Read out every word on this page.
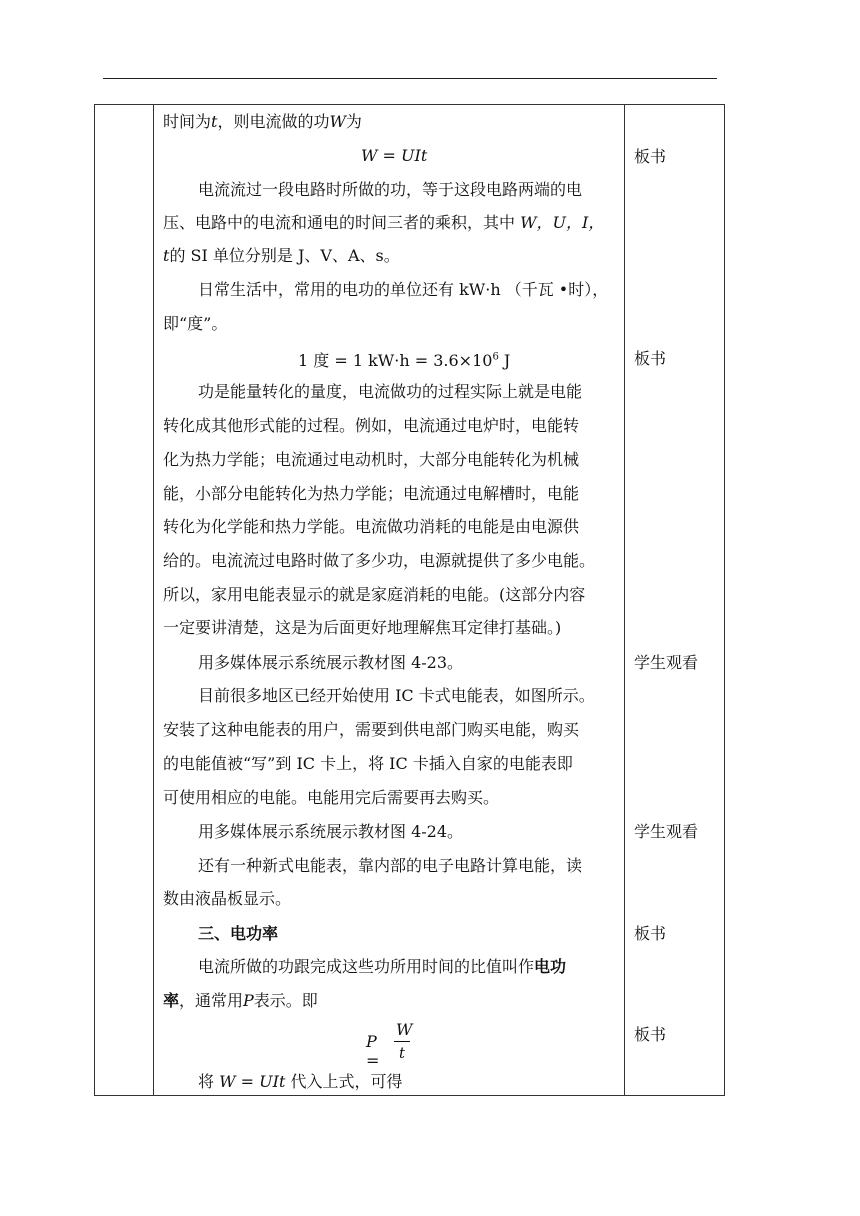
时间为t，则电流做的功W为
W = UIt
电流流过一段电路时所做的功，等于这段电路两端的电
压、电路中的电流和通电的时间三者的乘积，其中 W，U，I，
t的 SI 单位分别是 J、V、A、s。
日常生活中，常用的电功的单位还有 kW·h （千瓦 •时），
即“度”。
1 度 = 1 $kW\cdot h = 3.6\times 10^6$ J
功是能量转化的量度，电流做功的过程实际上就是电能
转化成其他形式能的过程。例如，电流通过电炉时，电能转
化为热力学能；电流通过电动机时，大部分电能转化为机械
能，小部分电能转化为热力学能；电流通过电解槽时，电能
转化为化学能和热力学能。电流做功消耗的电能是由电源供
给的。电流流过电路时做了多少功，电源就提供了多少电能。
所以，家用电能表显示的就是家庭消耗的电能。(这部分内容
一定要讲清楚，这是为后面更好地理解焦耳定律打基础。)
用多媒体展示系统展示教材图 4-23。
目前很多地区已经开始使用 IC 卡式电能表，如图所示。
安装了这种电能表的用户，需要到供电部门购买电能，购买
的电能值被“写”到 IC 卡上，将 IC 卡插入自家的电能表即
可使用相应的电能。电能用完后需要再去购买。
用多媒体展示系统展示教材图 4-24。
还有一种新式电能表，靠内部的电子电路计算电能，读
数由液晶板显示。
三、电功率
电流所做的功跟完成这些功所用时间的比值叫作电功
率，通常用P表示。即
P =
W
t
将 W = UIt 代入上式，可得
板书
板书
学生观看
学生观看
板书
板书
